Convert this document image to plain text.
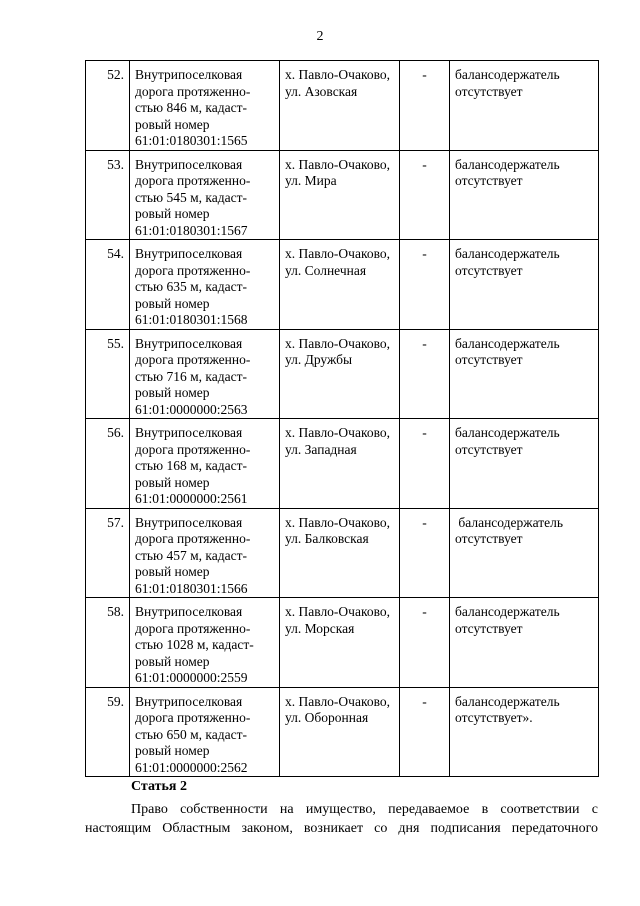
2
52.	Внутрипоселковая
дорога протяженно-
стью 846 м, кадаст-
ровый номер
61:01:0180301:1565	х. Павло-Очаково,
ул. Азовская	-	балансодержатель
отсутствует

53.	Внутрипоселковая
дорога протяженно-
стью 545 м, кадаст-
ровый номер
61:01:0180301:1567	х. Павло-Очаково,
ул. Мира	-	балансодержатель
отсутствует

54.	Внутрипоселковая
дорога протяженно-
стью 635 м, кадаст-
ровый номер
61:01:0180301:1568	х. Павло-Очаково,
ул. Солнечная	-	балансодержатель
отсутствует

55.	Внутрипоселковая
дорога протяженно-
стью 716 м, кадаст-
ровый номер
61:01:0000000:2563	х. Павло-Очаково,
ул. Дружбы	-	балансодержатель
отсутствует

56.	Внутрипоселковая
дорога протяженно-
стью 168 м, кадаст-
ровый номер
61:01:0000000:2561	х. Павло-Очаково,
ул. Западная	-	балансодержатель
отсутствует

57.	Внутрипоселковая
дорога протяженно-
стью 457 м, кадаст-
ровый номер
61:01:0180301:1566	х. Павло-Очаково,
ул. Балковская	-	балансодержатель
отсутствует

58.	Внутрипоселковая
дорога протяженно-
стью 1028 м, кадаст-
ровый номер
61:01:0000000:2559	х. Павло-Очаково,
ул. Морская	-	балансодержатель
отсутствует

59.	Внутрипоселковая
дорога протяженно-
стью 650 м, кадаст-
ровый номер
61:01:0000000:2562	х. Павло-Очаково,
ул. Оборонная	-	балансодержатель
отсутствует».
Статья 2
Право собственности на имущество, передаваемое в соответствии с
настоящим Областным законом, возникает со дня подписания передаточного
